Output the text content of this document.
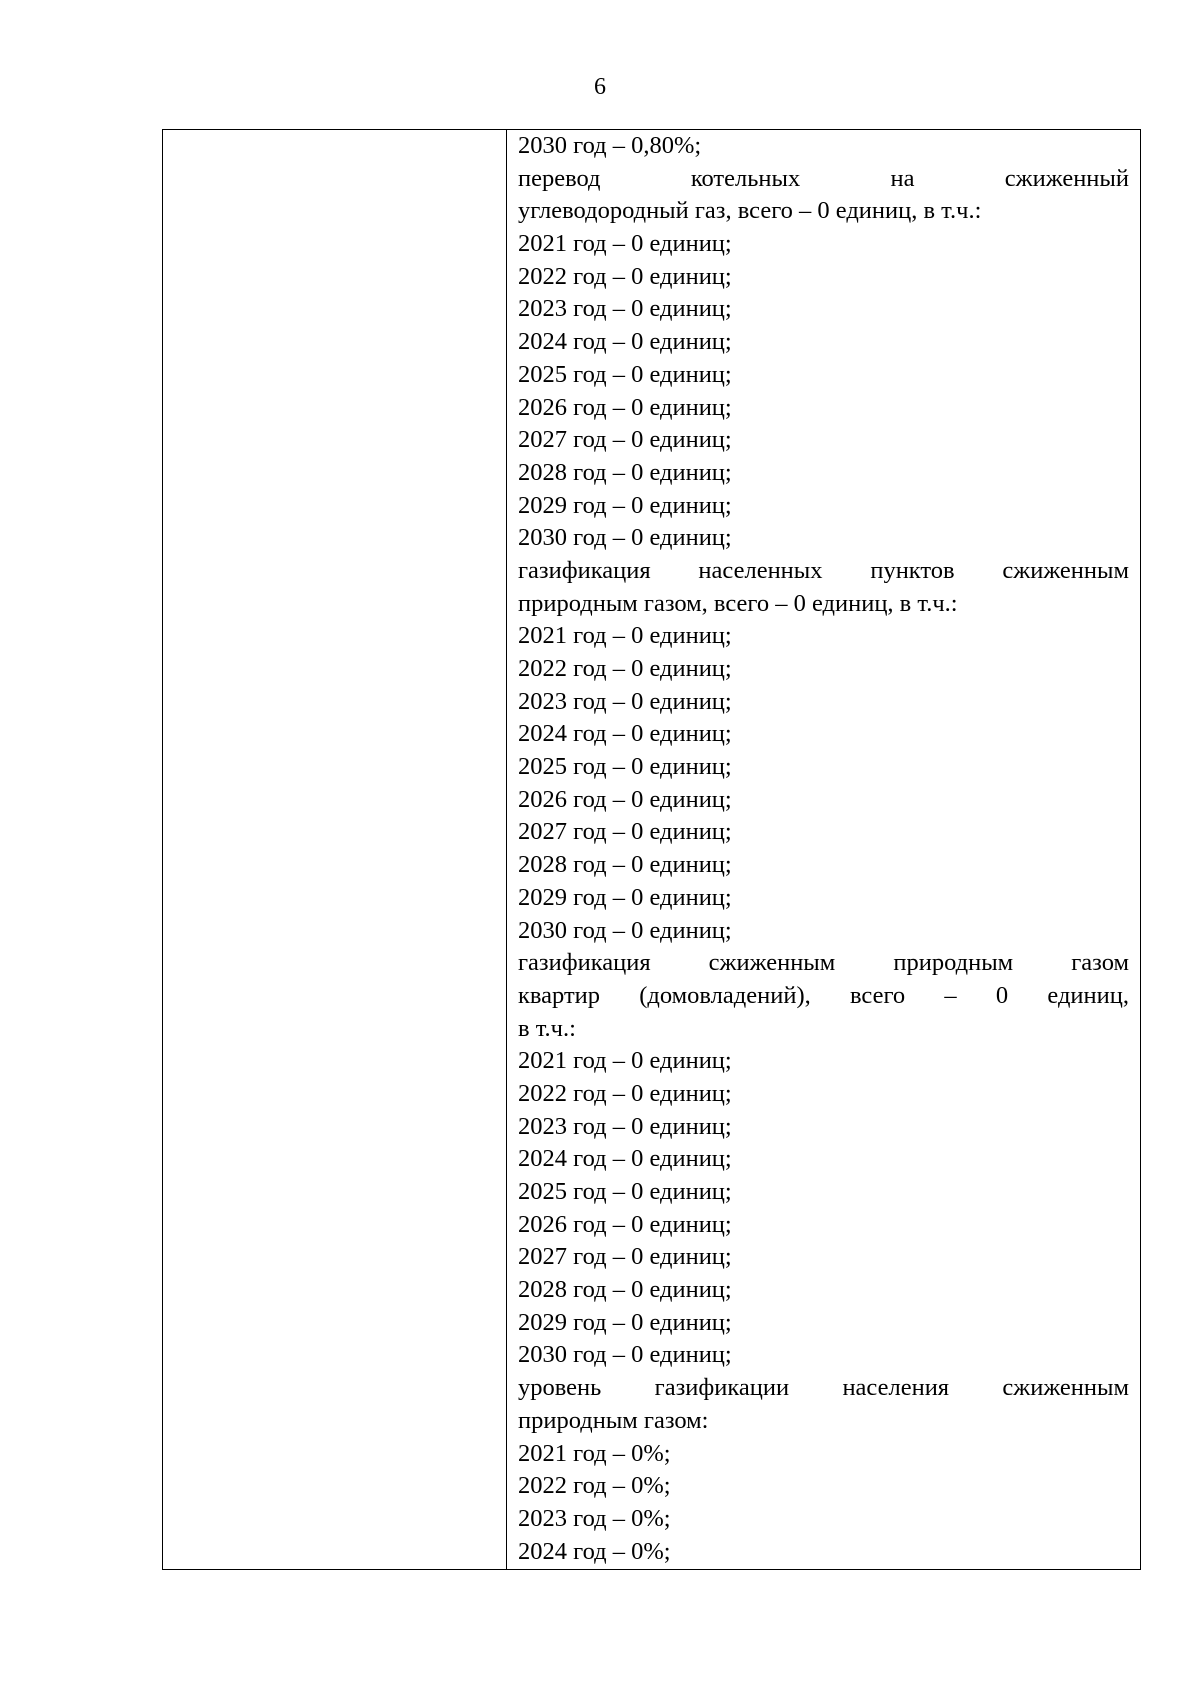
6
2030 год – 0,80%;
перевод котельных на сжиженный
углеводородный газ, всего – 0 единиц, в т.ч.:
2021 год – 0 единиц;
2022 год – 0 единиц;
2023 год – 0 единиц;
2024 год – 0 единиц;
2025 год – 0 единиц;
2026 год – 0 единиц;
2027 год – 0 единиц;
2028 год – 0 единиц;
2029 год – 0 единиц;
2030 год – 0 единиц;
газификация населенных пунктов сжиженным
природным газом, всего – 0 единиц, в т.ч.:
2021 год – 0 единиц;
2022 год – 0 единиц;
2023 год – 0 единиц;
2024 год – 0 единиц;
2025 год – 0 единиц;
2026 год – 0 единиц;
2027 год – 0 единиц;
2028 год – 0 единиц;
2029 год – 0 единиц;
2030 год – 0 единиц;
газификация сжиженным природным газом
квартир (домовладений), всего – 0 единиц,
в т.ч.:
2021 год – 0 единиц;
2022 год – 0 единиц;
2023 год – 0 единиц;
2024 год – 0 единиц;
2025 год – 0 единиц;
2026 год – 0 единиц;
2027 год – 0 единиц;
2028 год – 0 единиц;
2029 год – 0 единиц;
2030 год – 0 единиц;
уровень газификации населения сжиженным
природным газом:
2021 год – 0%;
2022 год – 0%;
2023 год – 0%;
2024 год – 0%;
